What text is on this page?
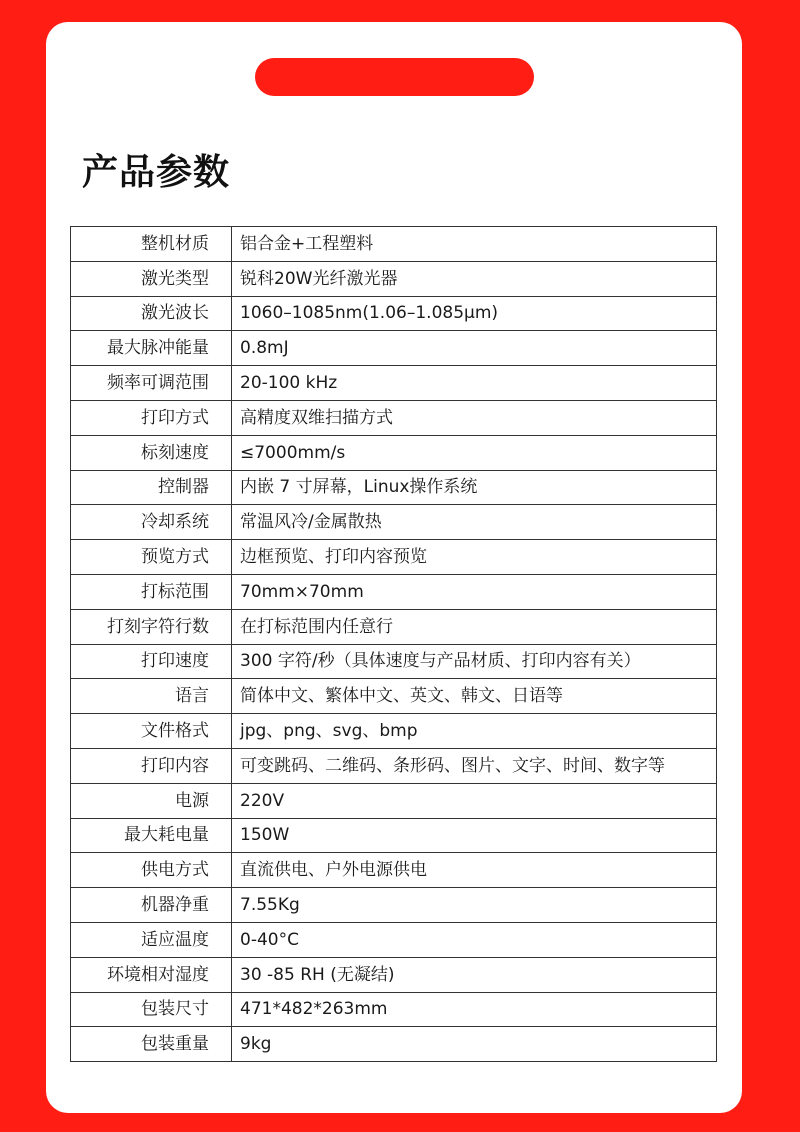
产品参数
整机材质	铝合金+工程塑料
激光类型	锐科20W光纤激光器
激光波长	1060–1085nm(1.06–1.085µm)
最大脉冲能量	0.8mJ
频率可调范围	20-100 kHz
打印方式	高精度双维扫描方式
标刻速度	≤7000mm/s
控制器	内嵌 7 寸屏幕，Linux操作系统
冷却系统	常温风冷/金属散热
预览方式	边框预览、打印内容预览
打标范围	70mm×70mm
打刻字符行数	在打标范围内任意行
打印速度	300 字符/秒（具体速度与产品材质、打印内容有关）
语言	简体中文、繁体中文、英文、韩文、日语等
文件格式	jpg、png、svg、bmp
打印内容	可变跳码、二维码、条形码、图片、文字、时间、数字等
电源	220V
最大耗电量	150W
供电方式	直流供电、户外电源供电
机器净重	7.55Kg
适应温度	0-40°C
环境相对湿度	30 -85 RH (无凝结)
包装尺寸	471*482*263mm
包装重量	9kg
